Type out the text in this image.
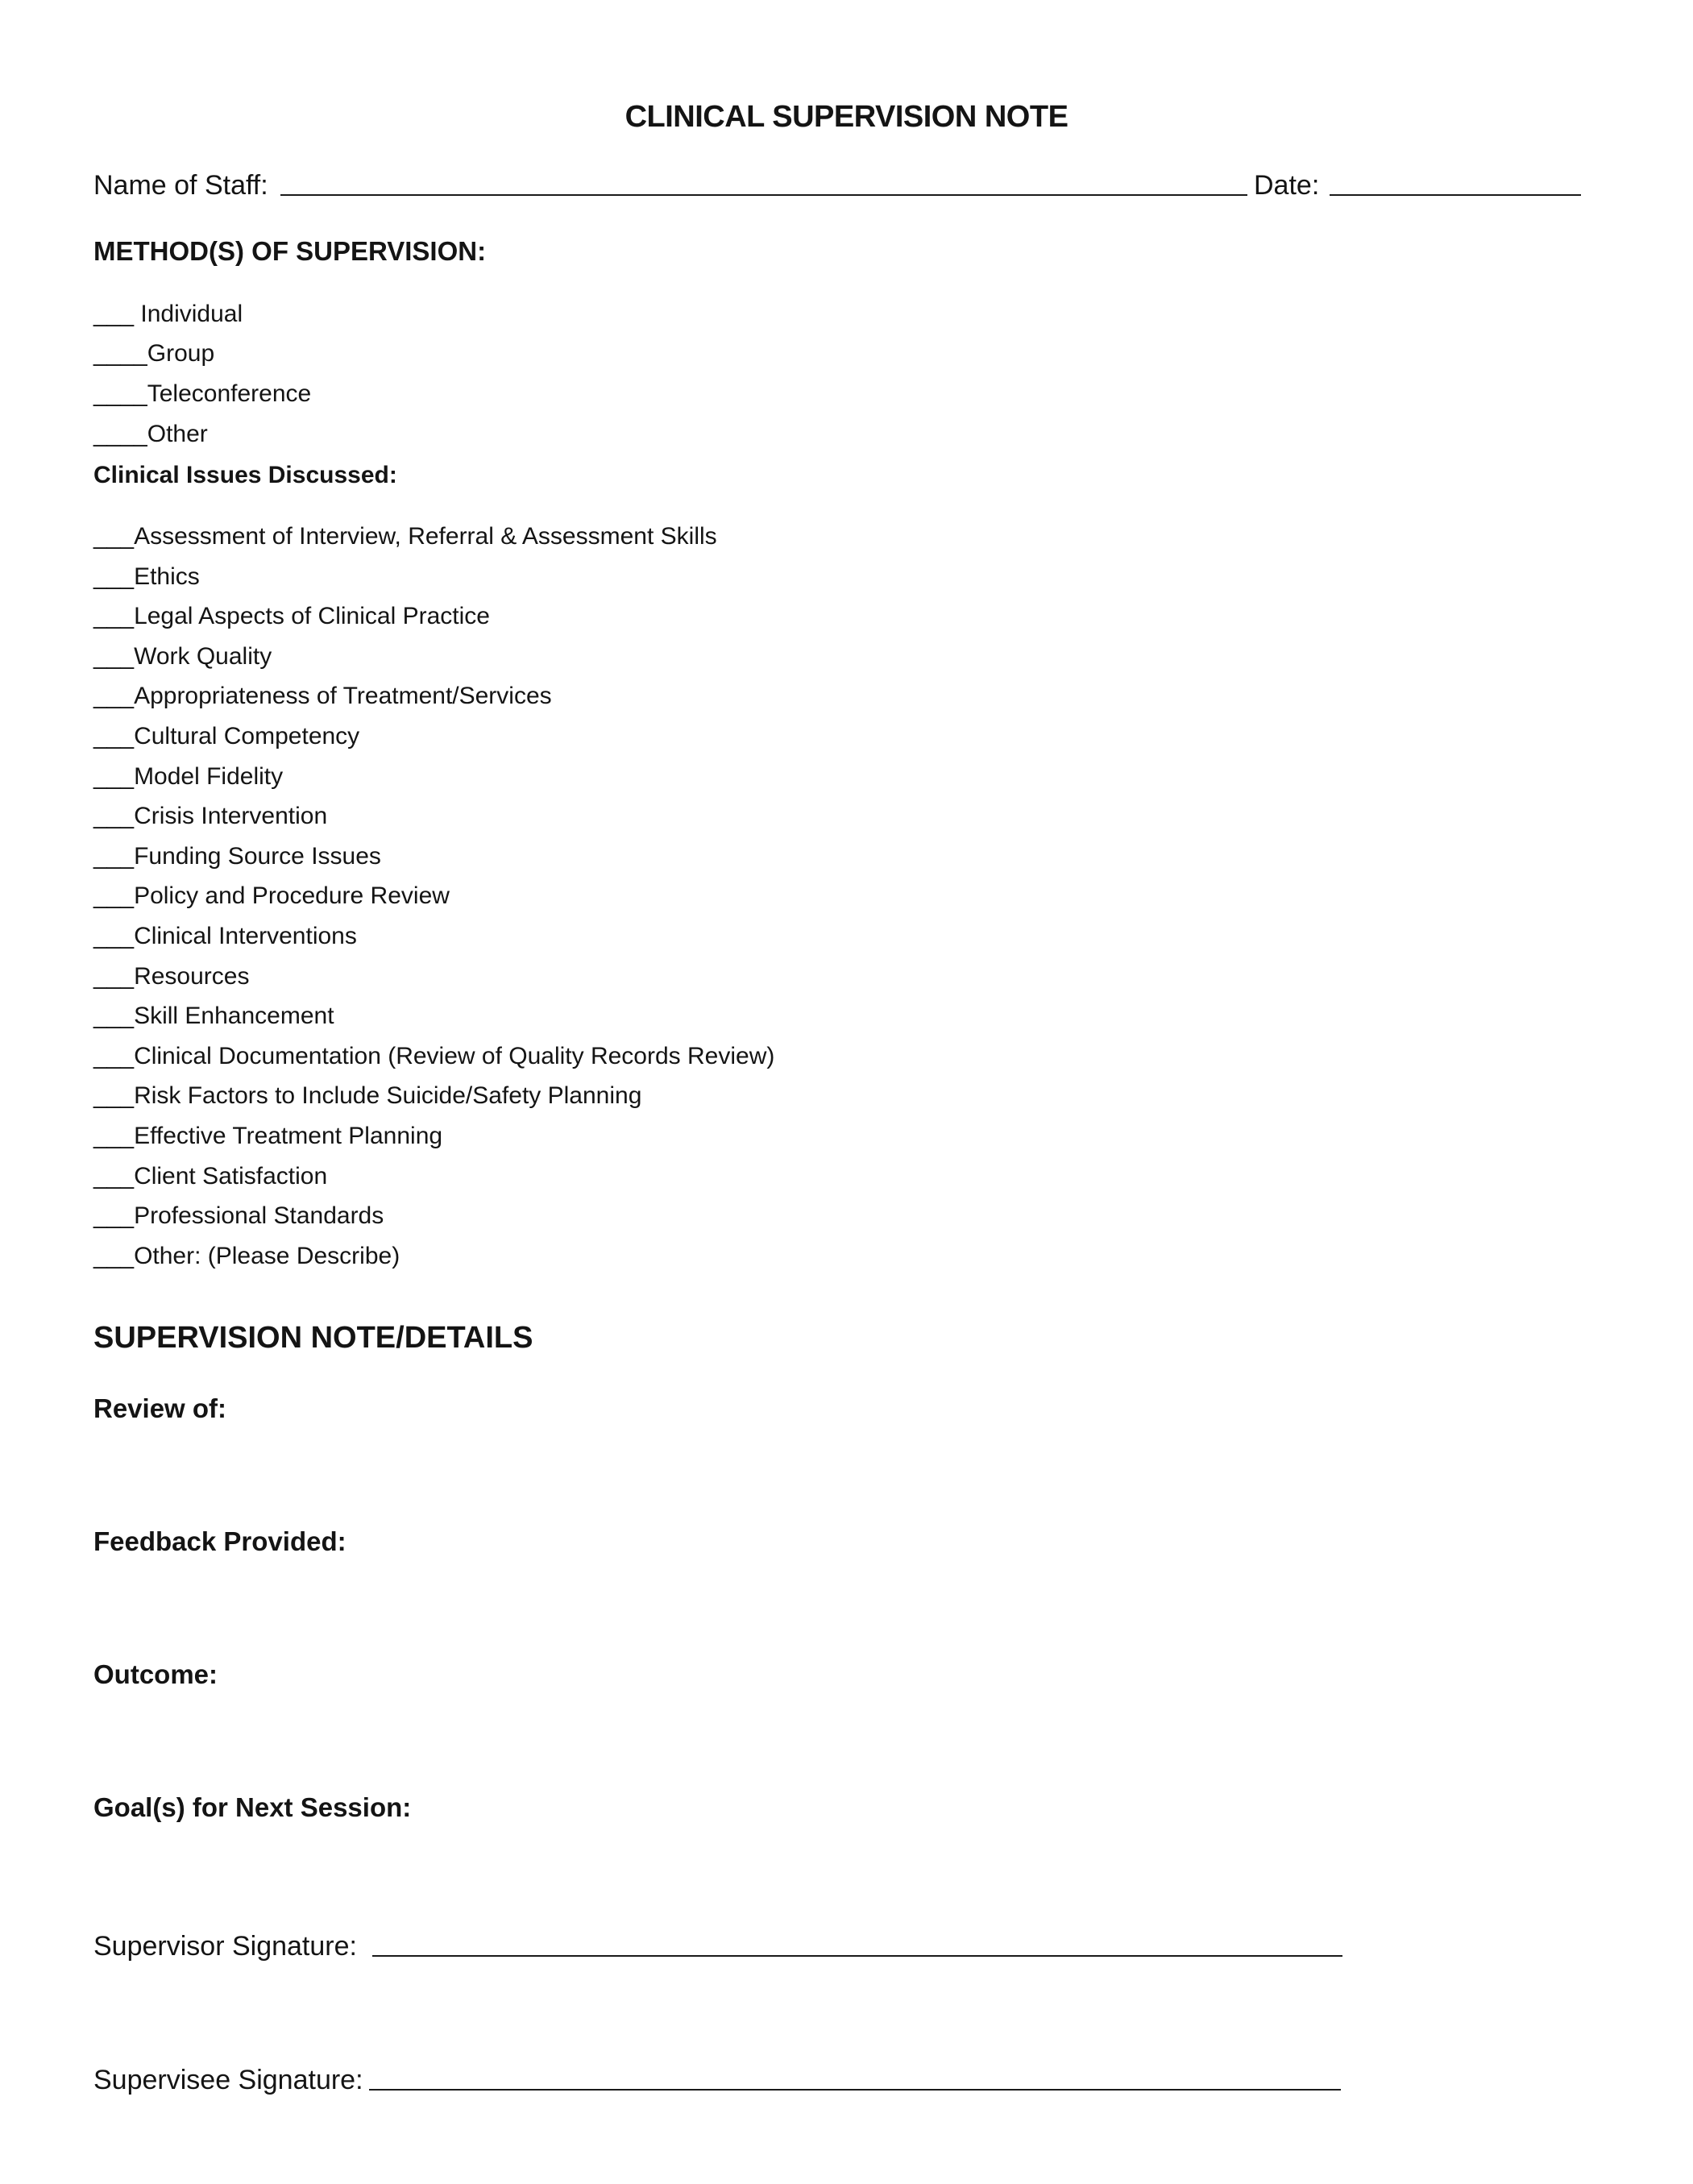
CLINICAL SUPERVISION NOTE
Name of Staff:	Date:
METHOD(S) OF SUPERVISION:
___ Individual
____Group
____Teleconference
____Other
Clinical Issues Discussed:
___Assessment of Interview, Referral & Assessment Skills
___Ethics
___Legal Aspects of Clinical Practice
___Work Quality
___Appropriateness of Treatment/Services
___Cultural Competency
___Model Fidelity
___Crisis Intervention
___Funding Source Issues
___Policy and Procedure Review
___Clinical Interventions
___Resources
___Skill Enhancement
___Clinical Documentation (Review of Quality Records Review)
___Risk Factors to Include Suicide/Safety Planning
___Effective Treatment Planning
___Client Satisfaction
___Professional Standards
___Other: (Please Describe)
SUPERVISION NOTE/DETAILS
Review of:
Feedback Provided:
Outcome:
Goal(s) for Next Session:
Supervisor Signature:
Supervisee Signature:
